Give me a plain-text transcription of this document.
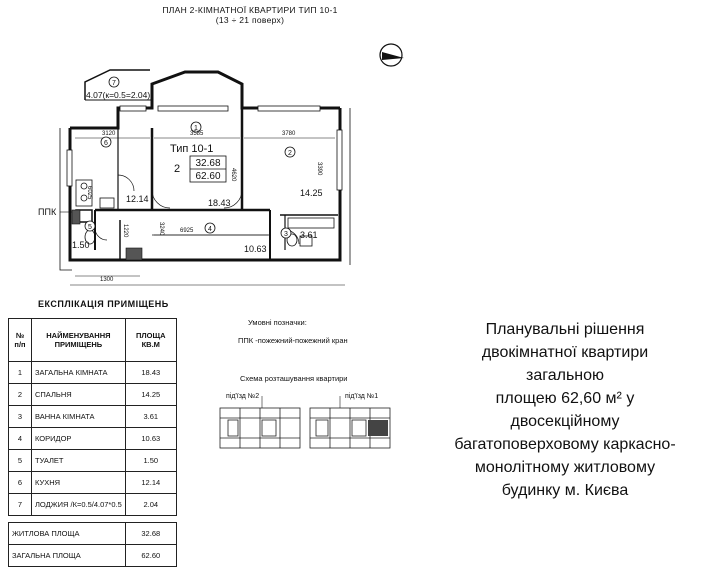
ПЛАН 2-КІМНАТНОЇ КВАРТИРИ ТИП 10-1
(13 ÷ 21 поверх)
7
1
2
3
4
5
6
4.07(к=0.5=2.04)
Тип 10-1
2 32.68
62.60
12.14	18.43
14.25
10.63
3.61
1.50
3120	3585	3780
4620	3390
6025
6925
1300
3240
1220
ППК
ЕКСПЛІКАЦІЯ ПРИМІЩЕНЬ
№ п/п	НАЙМЕНУВАННЯ ПРИМІЩЕНЬ	ПЛОЩА КВ.М
1	ЗАГАЛЬНА КІМНАТА	18.43
2	СПАЛЬНЯ	14.25
3	ВАННА КІМНАТА	3.61
4	КОРИДОР	10.63
5	ТУАЛЕТ	1.50
6	КУХНЯ	12.14
7	ЛОДЖИЯ /К=0.5/4.07*0.5	2.04

ЖИТЛОВА ПЛОЩА		32.68
ЗАГАЛЬНА ПЛОЩА		62.60
Умовні позначки:
ППК -пожежний-пожежний кран
Схема розташування квартири
під'їзд №2	під'їзд №1
Планувальні рішення
двокімнатної квартири
загальною
площею 62,60 м² у
двосекційному
багатоповерховому каркасно-
монолітному житловому
будинку м. Києва
